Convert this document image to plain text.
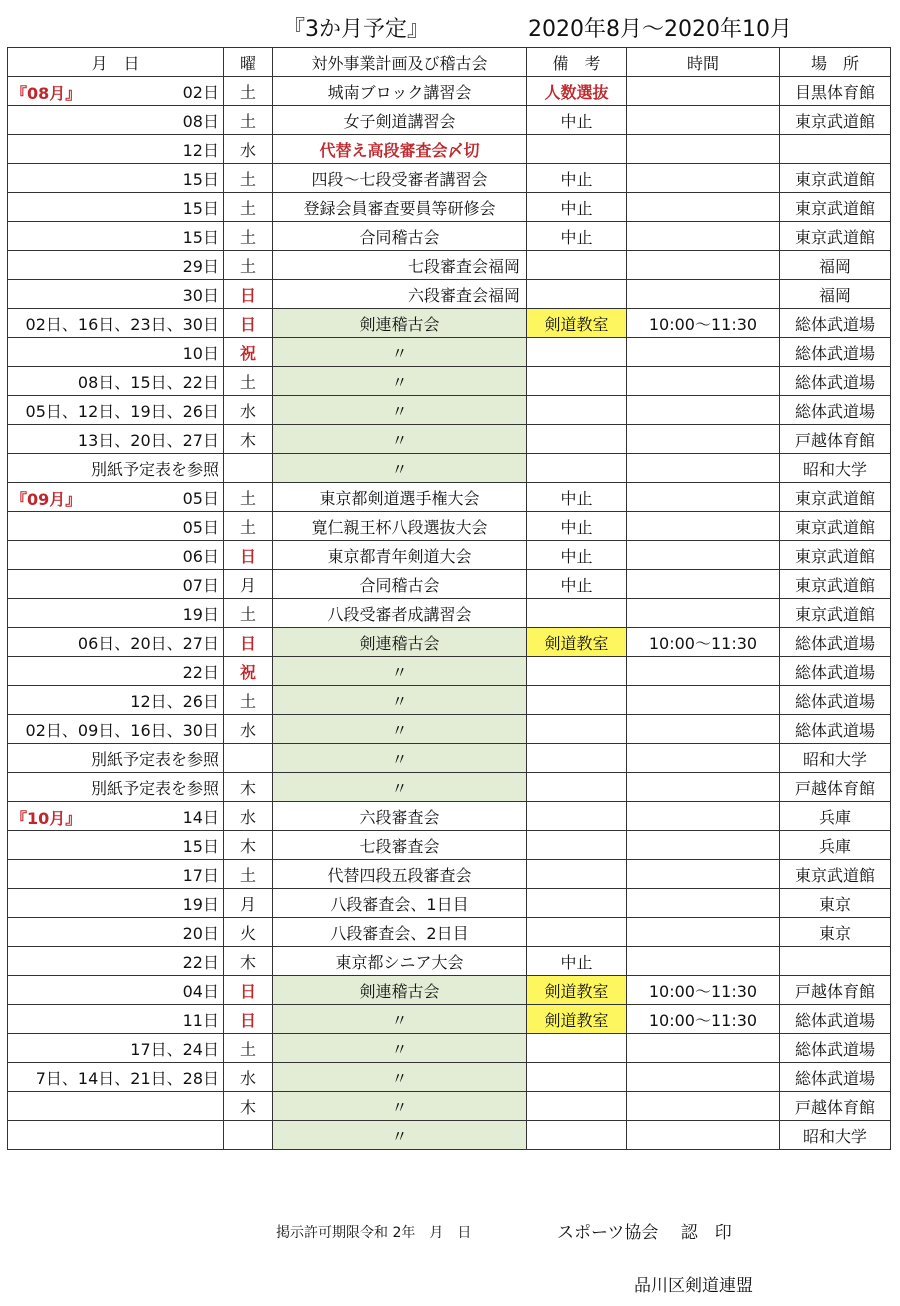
『3か月予定』	2020年8月～2020年10月
月　日	曜	対外事業計画及び稽古会	備　考	時間	場　所

『08月』 02日	土	城南ブロック講習会	人数選抜		目黒体育館
08日	土	女子剣道講習会	中止		東京武道館
12日	水	代替え高段審査会〆切			
15日	土	四段～七段受審者講習会	中止		東京武道館
15日	土	登録会員審査要員等研修会	中止		東京武道館
15日	土	合同稽古会	中止		東京武道館
29日	土	七段審査会福岡			福岡
30日	日	六段審査会福岡			福岡
02日、16日、23日、30日	日	剣連稽古会	剣道教室	10:00～11:30	総体武道場
10日	祝	〃			総体武道場
08日、15日、22日	土	〃			総体武道場
05日、12日、19日、26日	水	〃			総体武道場
13日、20日、27日	木	〃			戸越体育館
別紙予定表を参照		〃			昭和大学

『09月』 05日	土	東京都剣道選手権大会	中止		東京武道館
05日	土	寛仁親王杯八段選抜大会	中止		東京武道館
06日	日	東京都青年剣道大会	中止		東京武道館
07日	月	合同稽古会	中止		東京武道館
19日	土	八段受審者成講習会			東京武道館
06日、20日、27日	日	剣連稽古会	剣道教室	10:00～11:30	総体武道場
22日	祝	〃			総体武道場
12日、26日	土	〃			総体武道場
02日、09日、16日、30日	水	〃			総体武道場
別紙予定表を参照		〃			昭和大学
別紙予定表を参照	木	〃			戸越体育館

『10月』 14日	水	六段審査会			兵庫
15日	木	七段審査会			兵庫
17日	土	代替四段五段審査会			東京武道館
19日	月	八段審査会、1日目			東京
20日	火	八段審査会、2日目			東京
22日	木	東京都シニア大会	中止		
04日	日	剣連稽古会	剣道教室	10:00～11:30	戸越体育館
11日	日	〃	剣道教室	10:00～11:30	総体武道場
17日、24日	土	〃			総体武道場
7日、14日、21日、28日	水	〃			総体武道場
	木	〃			戸越体育館
		〃			昭和大学
掲示許可期限令和 2年　月　日	スポーツ協会　 認　印
品川区剣道連盟
